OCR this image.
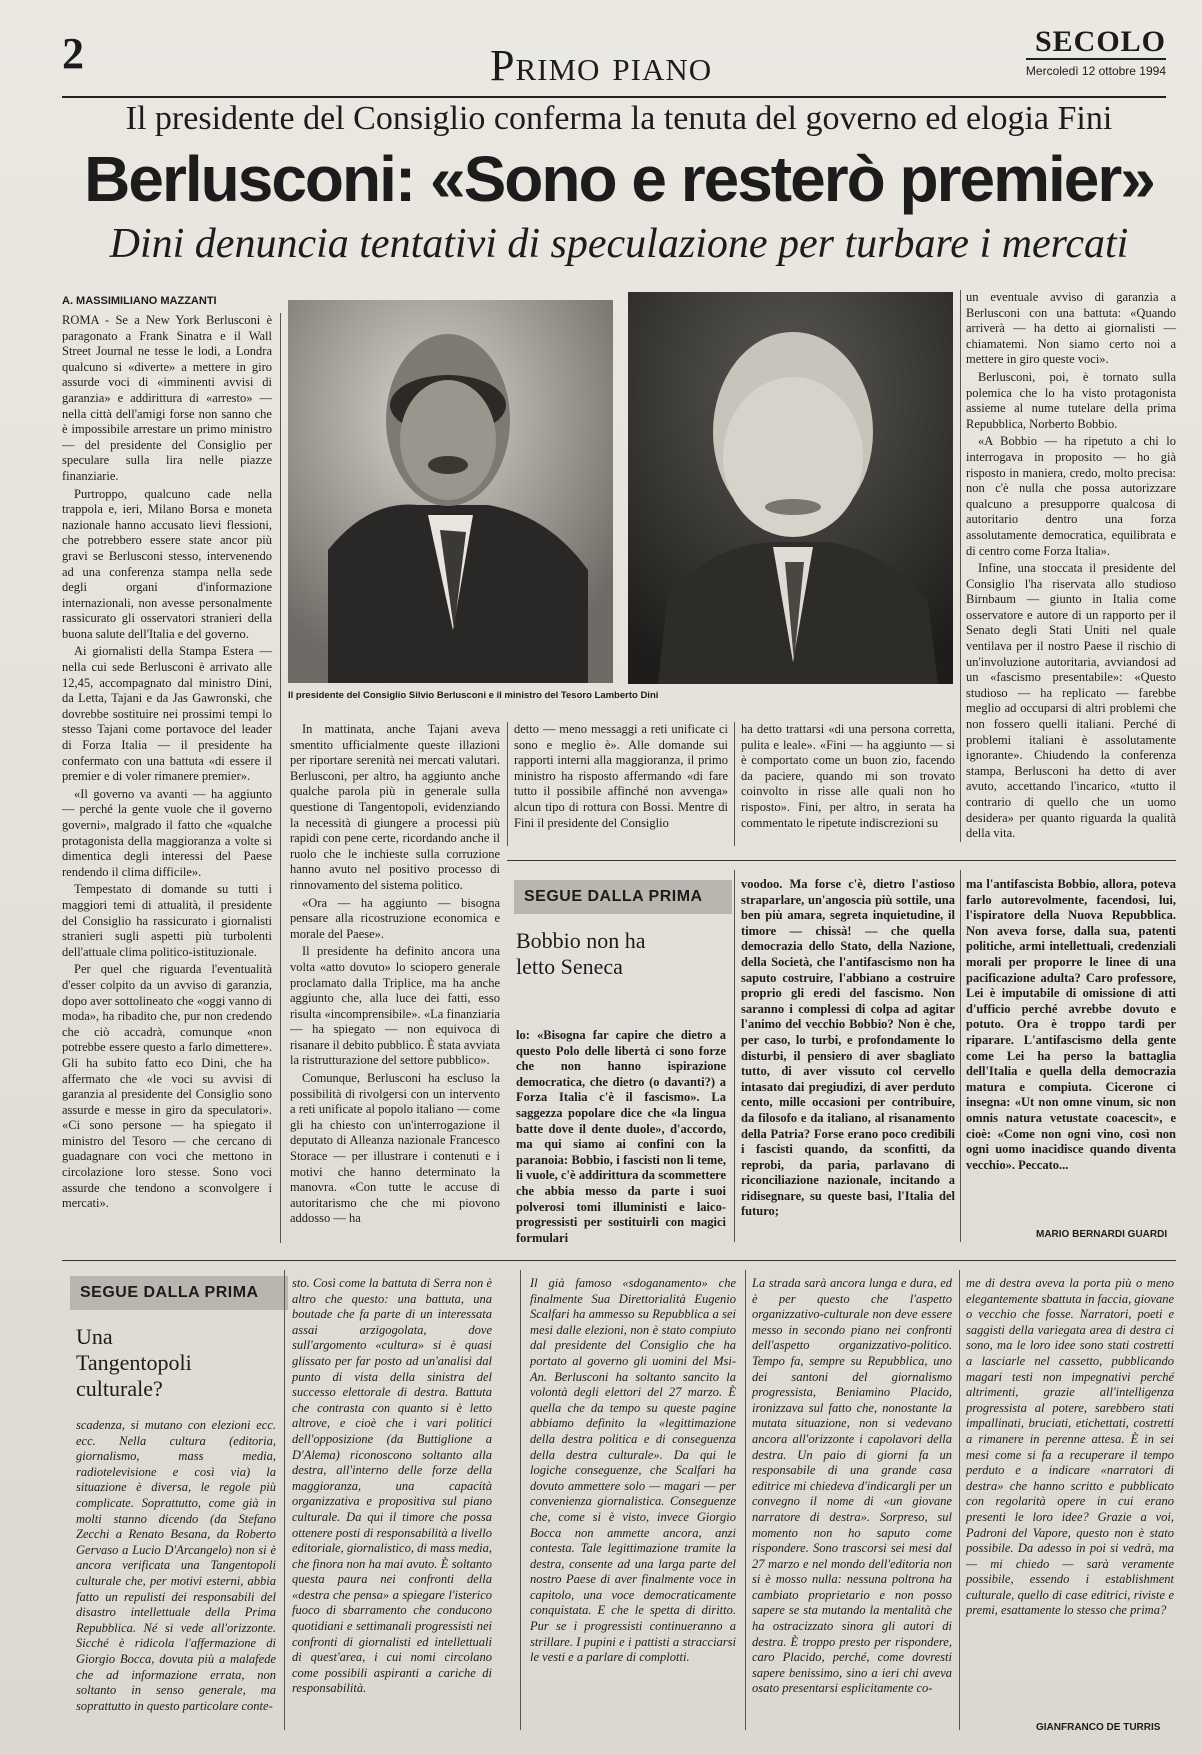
2	Primo piano	SECOLO
Mercoledì 12 ottobre 1994
Il presidente del Consiglio conferma la tenuta del governo ed elogia Fini
Berlusconi: «Sono e resterò premier»
Dini denuncia tentativi di speculazione per turbare i mercati
A. MASSIMILIANO MAZZANTI

ROMA - Se a New York Berlusconi è paragonato a Frank Sinatra e il Wall Street Journal ne tesse le lodi, a Londra qualcuno si «diverte» a mettere in giro assurde voci di «imminenti avvisi di garanzia» e addirittura di «arresto» — nella città dell'amigi forse non sanno che è impossibile arrestare un primo ministro — del presidente del Consiglio per speculare sulla lira nelle piazze finanziarie.

Purtroppo, qualcuno cade nella trappola e, ieri, Milano Borsa e moneta nazionale hanno accusato lievi flessioni, che potrebbero essere state ancor più gravi se Berlusconi stesso, intervenendo ad una conferenza stampa nella sede degli organi d'informazione internazionali, non avesse personalmente rassicurato gli osservatori stranieri della buona salute dell'Italia e del governo.

Ai giornalisti della Stampa Estera — nella cui sede Berlusconi è arrivato alle 12,45, accompagnato dal ministro Dini, da Letta, Tajani e da Jas Gawronski, che dovrebbe sostituire nei prossimi tempi lo stesso Tajani come portavoce del leader di Forza Italia — il presidente ha confermato con una battuta «di essere il premier e di voler rimanere premier».

«Il governo va avanti — ha aggiunto — perché la gente vuole che il governo governi», malgrado il fatto che «qualche protagonista della maggioranza a volte si dimentica degli interessi del Paese rendendo il clima difficile».

Tempestato di domande su tutti i maggiori temi di attualità, il presidente del Consiglio ha rassicurato i giornalisti stranieri sugli aspetti più turbolenti dell'attuale clima politico-istituzionale.

Per quel che riguarda l'eventualità d'esser colpito da un avviso di garanzia, dopo aver sottolineato che «oggi vanno di moda», ha ribadito che, pur non credendo che ciò accadrà, comunque «non potrebbe essere questo a farlo dimettere». Gli ha subito fatto eco Dini, che ha affermato che «le voci su avvisi di garanzia al presidente del Consiglio sono assurde e messe in giro da speculatori». «Ci sono persone — ha spiegato il ministro del Tesoro — che cercano di guadagnare con voci che mettono in circolazione loro stesse. Sono voci assurde che tendono a sconvolgere i mercati».

Il presidente del Consiglio Silvio Berlusconi e il ministro del Tesoro Lamberto Dini

In mattinata, anche Tajani aveva smentito ufficialmente queste illazioni per riportare serenità nei mercati valutari. Berlusconi, per altro, ha aggiunto anche qualche parola più in generale sulla questione di Tangentopoli, evidenziando la necessità di giungere a processi più rapidi con pene certe, ricordando anche il ruolo che le inchieste sulla corruzione hanno avuto nel positivo processo di rinnovamento del sistema politico.

«Ora — ha aggiunto — bisogna pensare alla ricostruzione economica e morale del Paese».

Il presidente ha definito ancora una volta «atto dovuto» lo sciopero generale proclamato dalla Triplice, ma ha anche aggiunto che, alla luce dei fatti, esso risulta «incomprensibile». «La finanziaria — ha spiegato — non equivoca di risanare il debito pubblico. È stata avviata la ristrutturazione del settore pubblico».

Comunque, Berlusconi ha escluso la possibilità di rivolgersi con un intervento a reti unificate al popolo italiano — come gli ha chiesto con un'interrogazione il deputato di Alleanza nazionale Francesco Storace — per illustrare i contenuti e i motivi che hanno determinato la manovra. «Con tutte le accuse di autoritarismo che che mi piovono addosso — ha

detto — meno messaggi a reti unificate ci sono e meglio è». Alle domande sui rapporti interni alla maggioranza, il primo ministro ha risposto affermando «di fare tutto il possibile affinché non avvenga» alcun tipo di rottura con Bossi. Mentre di Fini il presidente del Consiglio

ha detto trattarsi «di una persona corretta, pulita e leale». «Fini — ha aggiunto — si è comportato come un buon zio, facendo da paciere, quando mi son trovato coinvolto in risse alle quali non ho risposto». Fini, per altro, in serata ha commentato le ripetute indiscrezioni su

un eventuale avviso di garanzia a Berlusconi con una battuta: «Quando arriverà — ha detto ai giornalisti — chiamatemi. Non siamo certo noi a mettere in giro queste voci».

Berlusconi, poi, è tornato sulla polemica che lo ha visto protagonista assieme al nume tutelare della prima Repubblica, Norberto Bobbio.

«A Bobbio — ha ripetuto a chi lo interrogava in proposito — ho già risposto in maniera, credo, molto precisa: non c'è nulla che possa autorizzare qualcuno a presupporre qualcosa di autoritario dentro una forza assolutamente democratica, equilibrata e di centro come Forza Italia».

Infine, una stoccata il presidente del Consiglio l'ha riservata allo studioso Birnbaum — giunto in Italia come osservatore e autore di un rapporto per il Senato degli Stati Uniti nel quale ventilava per il nostro Paese il rischio di un'involuzione autoritaria, avviandosi ad un «fascismo presentabile»: «Questo studioso — ha replicato — farebbe meglio ad occuparsi di altri problemi che non fossero quelli italiani. Perché di problemi italiani è assolutamente ignorante». Chiudendo la conferenza stampa, Berlusconi ha detto di aver avuto, accettando l'incarico, «tutto il contrario di quello che un uomo desidera» per quanto riguarda la qualità della vita.

SEGUE DALLA PRIMA
Bobbio non ha letto Seneca

lo: «Bisogna far capire che dietro a questo Polo delle libertà ci sono forze che non hanno ispirazione democratica, che dietro (o davanti?) a Forza Italia c'è il fascismo». La saggezza popolare dice che «la lingua batte dove il dente duole», d'accordo, ma qui siamo ai confini con la paranoia: Bobbio, i fascisti non li teme, li vuole, c'è addirittura da scommettere che abbia messo da parte i suoi polverosi tomi illuministi e laico-progressisti per sostituirli con magici formulari

voodoo. Ma forse c'è, dietro l'astioso straparlare, un'angoscia più sottile, una ben più amara, segreta inquietudine, il timore — chissà! — che quella democrazia dello Stato, della Nazione, della Società, che l'antifascismo non ha saputo costruire, l'abbiano a costruire proprio gli eredi del fascismo. Non saranno i complessi di colpa ad agitar l'animo del vecchio Bobbio? Non è che, per caso, lo turbi, e profondamente lo disturbi, il pensiero di aver sbagliato tutto, di aver vissuto col cervello intasato dai pregiudizi, di aver perduto cento, mille occasioni per contribuire, da filosofo e da italiano, al risanamento della Patria? Forse erano poco credibili i fascisti quando, da sconfitti, da reprobi, da paria, parlavano di riconciliazione nazionale, incitando a ridisegnare, su queste basi, l'Italia del futuro;

ma l'antifascista Bobbio, allora, poteva farlo autorevolmente, facendosi, lui, l'ispiratore della Nuova Repubblica. Non aveva forse, dalla sua, patenti politiche, armi intellettuali, credenziali morali per proporre le linee di una pacificazione adulta? Caro professore, Lei è imputabile di omissione di atti d'ufficio perché avrebbe dovuto e potuto. Ora è troppo tardi per riparare. L'antifascismo della gente come Lei ha perso la battaglia dell'Italia e quella della democrazia matura e compiuta. Cicerone ci insegna: «Ut non omne vinum, sic non omnis natura vetustate coacescit», e cioè: «Come non ogni vino, così non ogni uomo inacidisce quando diventa vecchio». Peccato...

MARIO BERNARDI GUARDI
SEGUE DALLA PRIMA
Una Tangentopoli culturale?

scadenza, si mutano con elezioni ecc. ecc. Nella cultura (editoria, giornalismo, mass media, radiotelevisione e così via) la situazione è diversa, le regole più complicate. Soprattutto, come già in molti stanno dicendo (da Stefano Zecchi a Renato Besana, da Roberto Gervaso a Lucio D'Arcangelo) non si è ancora verificata una Tangentopoli culturale che, per motivi esterni, abbia fatto un repulisti dei responsabili del disastro intellettuale della Prima Repubblica. Né si vede all'orizzonte. Sicché è ridicola l'affermazione di Giorgio Bocca, dovuta più a malafede che ad informazione errata, non soltanto in senso generale, ma soprattutto in questo particolare conte-

sto. Così come la battuta di Serra non è altro che questo: una battuta, una boutade che fa parte di un interessata assai arzigogolata, dove sull'argomento «cultura» si è quasi glissato per far posto ad un'analisi dal punto di vista della sinistra del successo elettorale di destra. Battuta che contrasta con quanto si è letto altrove, e cioè che i vari politici dell'opposizione (da Buttiglione a D'Alema) riconoscono soltanto alla destra, all'interno delle forze della maggioranza, una capacità organizzativa e propositiva sul piano culturale. Da qui il timore che possa ottenere posti di responsabilità a livello editoriale, giornalistico, di mass media, che finora non ha mai avuto. È soltanto questa paura nei confronti della «destra che pensa» a spiegare l'isterico fuoco di sbarramento che conducono quotidiani e settimanali progressisti nei confronti di giornalisti ed intellettuali di quest'area, i cui nomi circolano come possibili aspiranti a cariche di responsabilità.

Il già famoso «sdoganamento» che finalmente Sua Direttorialità Eugenio Scalfari ha ammesso su Repubblica a sei mesi dalle elezioni, non è stato compiuto dal presidente del Consiglio che ha portato al governo gli uomini del Msi-An. Berlusconi ha soltanto sancito la volontà degli elettori del 27 marzo. È quella che da tempo su queste pagine abbiamo definito la «legittimazione della destra politica e di conseguenza della destra culturale». Da qui le logiche conseguenze, che Scalfari ha dovuto ammettere solo — magari — per convenienza giornalistica. Conseguenze che, come si è visto, invece Giorgio Bocca non ammette ancora, anzi contesta. Tale legittimazione tramite la destra, consente ad una larga parte del nostro Paese di aver finalmente voce in capitolo, una voce democraticamente conquistata. E che le spetta di diritto. Pur se i progressisti continueranno a strillare. I pupini e i pattisti a stracciarsi le vesti e a parlare di complotti.

La strada sarà ancora lunga e dura, ed è per questo che l'aspetto organizzativo-culturale non deve essere messo in secondo piano nei confronti dell'aspetto organizzativo-politico. Tempo fa, sempre su Repubblica, uno dei santoni del giornalismo progressista, Beniamino Placido, ironizzava sul fatto che, nonostante la mutata situazione, non si vedevano ancora all'orizzonte i capolavori della destra. Un paio di giorni fa un responsabile di una grande casa editrice mi chiedeva d'indicargli per un convegno il nome di «un giovane narratore di destra». Sorpreso, sul momento non ho saputo come rispondere. Sono trascorsi sei mesi dal 27 marzo e nel mondo dell'editoria non si è mosso nulla: nessuna poltrona ha cambiato proprietario e non posso sapere se sta mutando la mentalità che ha ostracizzato sinora gli autori di destra. È troppo presto per rispondere, caro Placido, perché, come dovresti sapere benissimo, sino a ieri chi aveva osato presentarsi esplicitamente co-

me di destra aveva la porta più o meno elegantemente sbattuta in faccia, giovane o vecchio che fosse. Narratori, poeti e saggisti della variegata area di destra ci sono, ma le loro idee sono stati costretti a lasciarle nel cassetto, pubblicando magari testi non impegnativi perché altrimenti, grazie all'intelligenza progressista al potere, sarebbero stati impallinati, bruciati, etichettati, costretti a rimanere in perenne attesa. È in sei mesi come si fa a recuperare il tempo perduto e a indicare «narratori di destra» che hanno scritto e pubblicato con regolarità opere in cui erano presenti le loro idee? Grazie a voi, Padroni del Vapore, questo non è stato possibile. Da adesso in poi si vedrà, ma — mi chiedo — sarà veramente possibile, essendo i establishment culturale, quello di case editrici, riviste e premi, esattamente lo stesso che prima?

GIANFRANCO DE TURRIS
